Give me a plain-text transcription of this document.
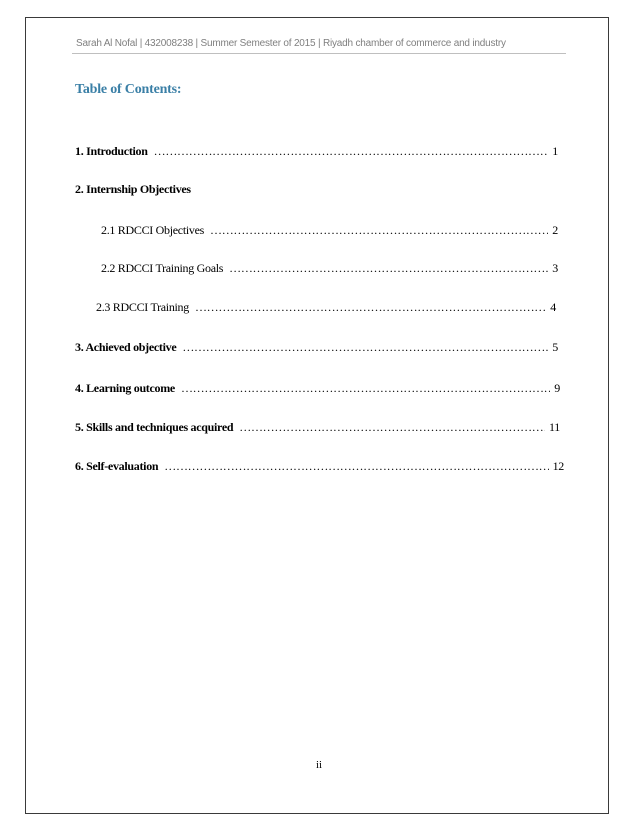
Sarah Al Nofal | 432008238 | Summer Semester of 2015 | Riyadh chamber of commerce and industry
Table of Contents:
1. Introduction ………………………………………………………………………………………………………………………………………………………………	1
2. Internship Objectives
2.1 RDCCI Objectives ………………………………………………………………………………………………………………………………………………………………	2
2.2 RDCCI Training Goals ………………………………………………………………………………………………………………………………………………………………	3
2.3 RDCCI Training ………………………………………………………………………………………………………………………………………………………………	4
3. Achieved objective ………………………………………………………………………………………………………………………………………………………………	5
4. Learning outcome ………………………………………………………………………………………………………………………………………………………………	9
5. Skills and techniques acquired ………………………………………………………………………………………………………………………………………………………………	11
6. Self-evaluation ………………………………………………………………………………………………………………………………………………………………	12
ii
